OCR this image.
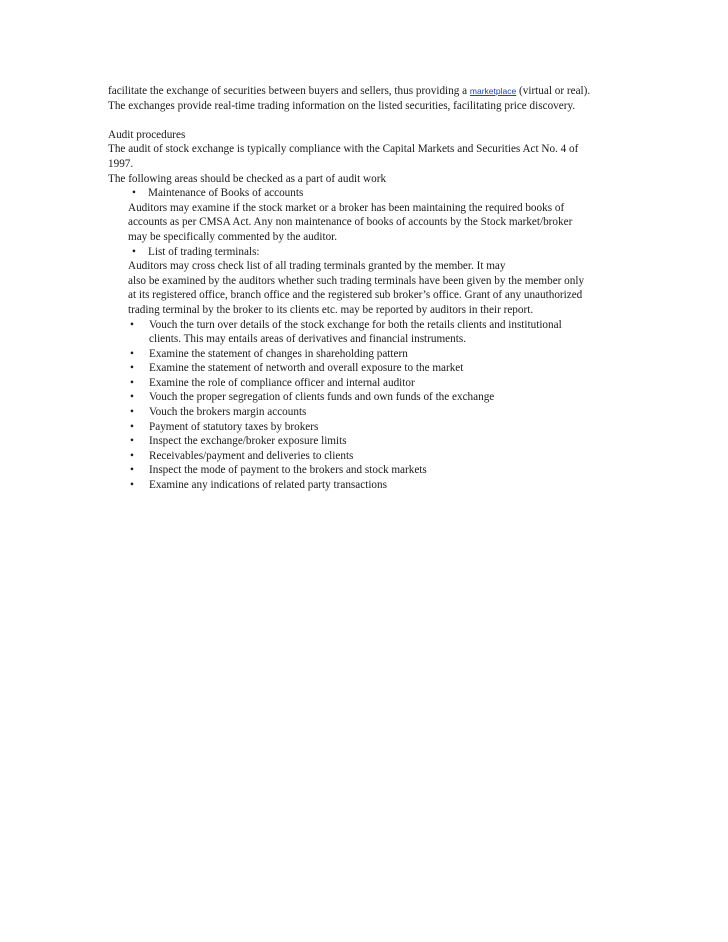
facilitate the exchange of securities between buyers and sellers, thus providing a marketplace (virtual or real).
The exchanges provide real-time trading information on the listed securities, facilitating price discovery.
Audit procedures
The audit of stock exchange is typically compliance with the Capital Markets and Securities Act No. 4 of
1997.
The following areas should be checked as a part of audit work
• Maintenance of Books of accounts
Auditors may examine if the stock market or a broker has been maintaining the required books of
accounts as per CMSA Act. Any non maintenance of books of accounts by the Stock market/broker
may be specifically commented by the auditor.
• List of trading terminals:
Auditors may cross check list of all trading terminals granted by the member. It may
also be examined by the auditors whether such trading terminals have been given by the member only
at its registered office, branch office and the registered sub broker’s office. Grant of any unauthorized
trading terminal by the broker to its clients etc. may be reported by auditors in their report.
• Vouch the turn over details of the stock exchange for both the retails clients and institutional
clients. This may entails areas of derivatives and financial instruments.
• Examine the statement of changes in shareholding pattern
• Examine the statement of networth and overall exposure to the market
• Examine the role of compliance officer and internal auditor
• Vouch the proper segregation of clients funds and own funds of the exchange
• Vouch the brokers margin accounts
• Payment of statutory taxes by brokers
• Inspect the exchange/broker exposure limits
• Receivables/payment and deliveries to clients
• Inspect the mode of payment to the brokers and stock markets
• Examine any indications of related party transactions
